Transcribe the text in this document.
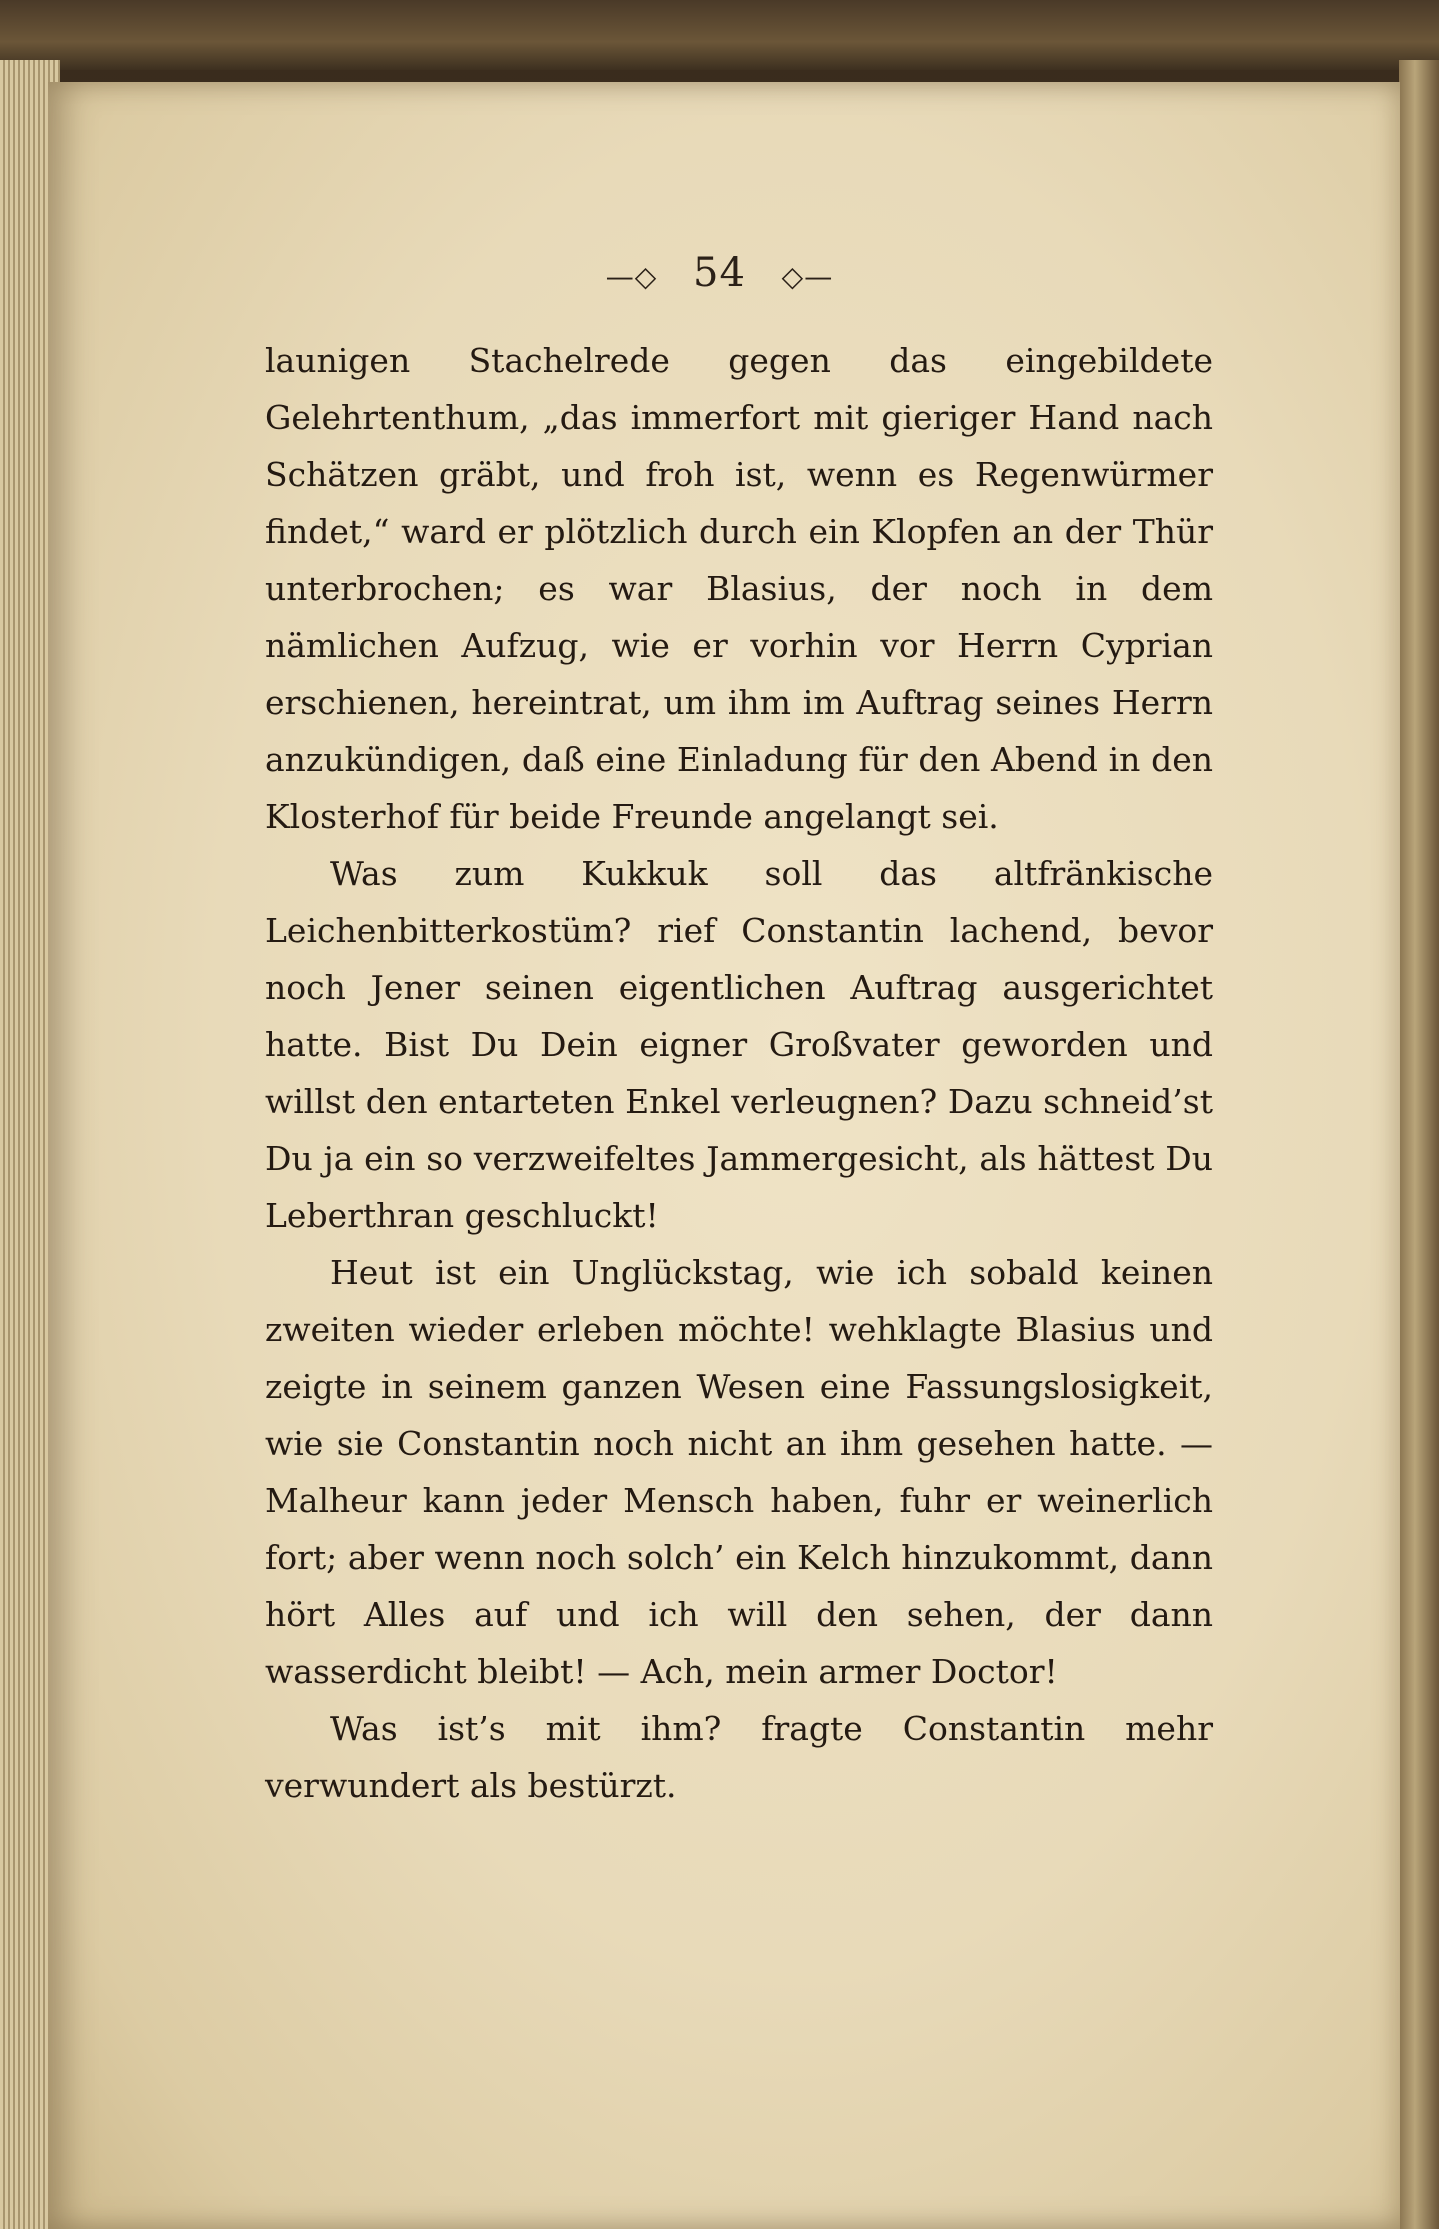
—◇ 54 ◇—

launigen Stachelrede gegen das eingebildete Gelehrtenthum, „das immerfort mit gieriger Hand nach Schätzen gräbt, und froh ist, wenn es Regenwürmer findet,“ ward er plötzlich durch ein Klopfen an der Thür unterbrochen; es war Blasius, der noch in dem nämlichen Aufzug, wie er vorhin vor Herrn Cyprian erschienen, hereintrat, um ihm im Auftrag seines Herrn anzukündigen, daß eine Einladung für den Abend in den Klosterhof für beide Freunde angelangt sei.

Was zum Kukkuk soll das altfränkische Leichenbitterkostüm? rief Constantin lachend, bevor noch Jener seinen eigentlichen Auftrag ausgerichtet hatte. Bist Du Dein eigner Großvater geworden und willst den entarteten Enkel verleugnen? Dazu schneid’st Du ja ein so verzweifeltes Jammergesicht, als hättest Du Leberthran geschluckt!

Heut ist ein Unglückstag, wie ich sobald keinen zweiten wieder erleben möchte! wehklagte Blasius und zeigte in seinem ganzen Wesen eine Fassungslosigkeit, wie sie Constantin noch nicht an ihm gesehen hatte. — Malheur kann jeder Mensch haben, fuhr er weinerlich fort; aber wenn noch solch’ ein Kelch hinzukommt, dann hört Alles auf und ich will den sehen, der dann wasserdicht bleibt! — Ach, mein armer Doctor!

Was ist’s mit ihm? fragte Constantin mehr verwundert als bestürzt.
